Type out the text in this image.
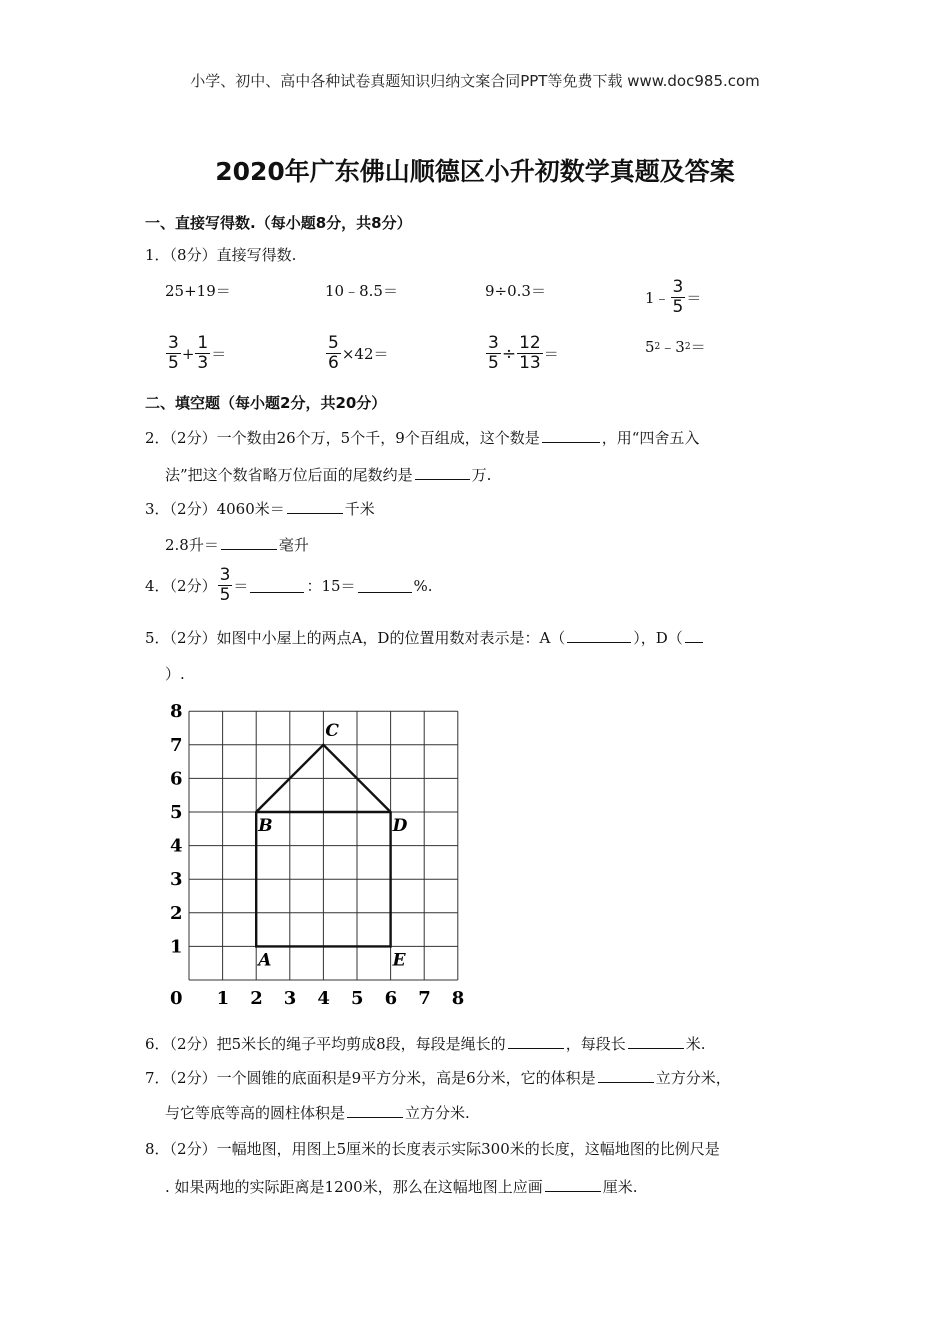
小学、初中、高中各种试卷真题知识归纳文案合同PPT等免费下载 www.doc985.com
2020年广东佛山顺德区小升初数学真题及答案
一、直接写得数.（每小题8分，共8分）
1．（8分）直接写得数.
25+19＝	10﹣8.5＝	9÷0.3＝	1﹣ $\frac{3}{5}$ ＝
$\frac{3}{5} + \frac{1}{3}$ ＝	$\frac{5}{6} \times 42=$	$\frac{3}{5} \div \frac{12}{13}$ ＝	5 2 ﹣3 2 ＝
二、填空题（每小题2分，共20分）
2．（2分）一个数由26个万，5个千，9个百组成，这个数是	，用“四舍五入
法”把这个数省略万位后面的尾数约是	万.
3．（2分）4060米＝	千米
2.8升＝	毫升
4．（2分） $\frac{3}{5}$ ＝	：15＝	%.
5．（2分）如图中小屋上的两点A，D的位置用数对表示是：A（	），D（
）.
1 2 3 4 5 6 7 8
1
2
3
4
5
6
7
8
0
A
B
C
D
E
6．（2分）把5米长的绳子平均剪成8段，每段是绳长的	，每段长	米.
7．（2分）一个圆锥的底面积是9平方分米，高是6分米，它的体积是	立方分米，
与它等底等高的圆柱体积是	立方分米.
8．（2分）一幅地图，用图上5厘米的长度表示实际300米的长度，这幅地图的比例尺是
. 如果两地的实际距离是1200米，那么在这幅地图上应画	厘米.
